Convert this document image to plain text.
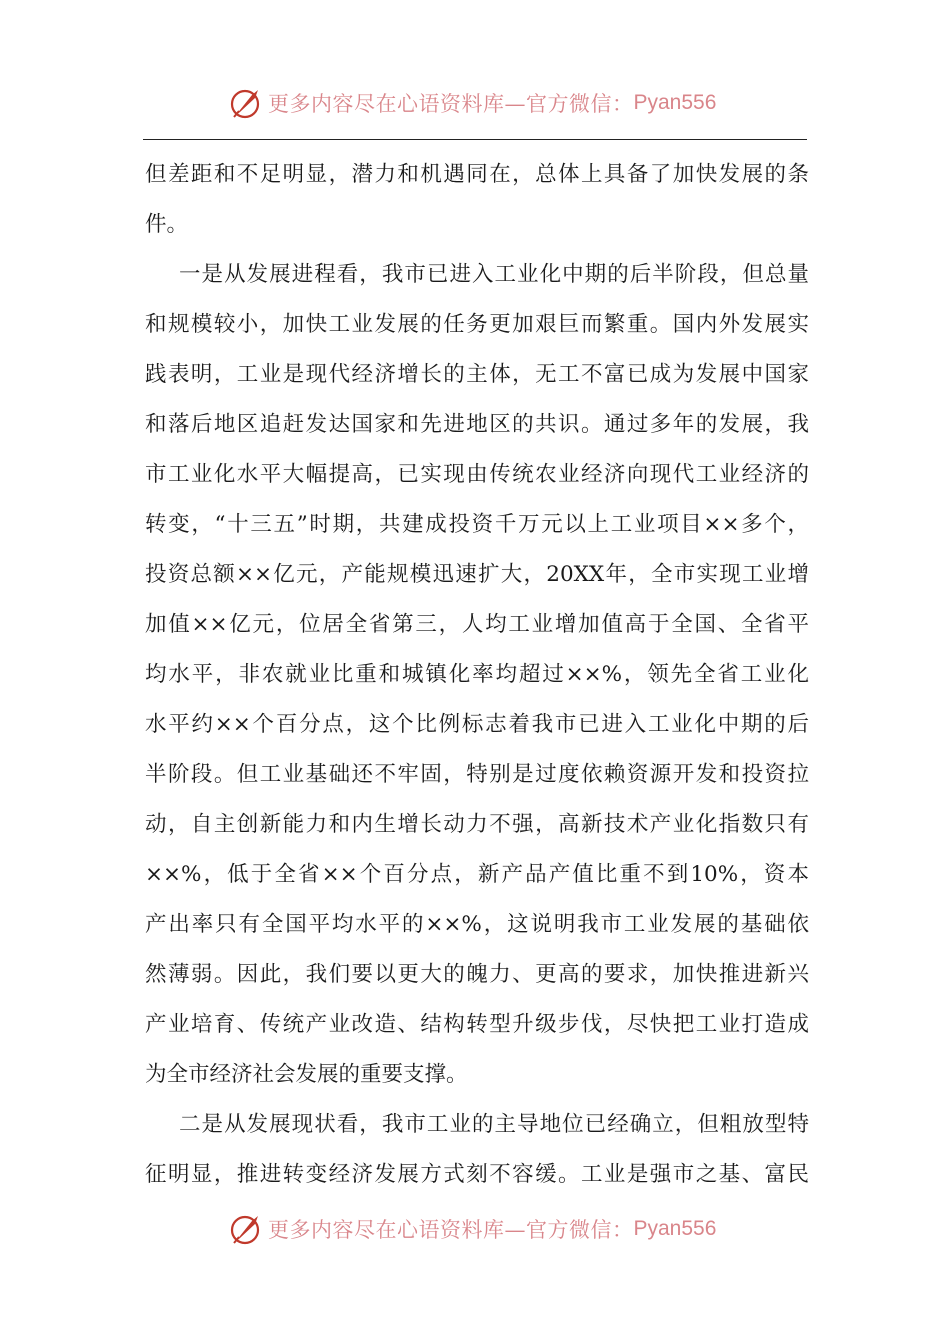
更多内容尽在心语资料库—官方微信： Pyan556
但差距和不足明显，潜力和机遇同在，总体上具备了加快发展的条
件。
一是从发展进程看，我市已进入工业化中期的后半阶段，但总量
和规模较小，加快工业发展的任务更加艰巨而繁重。国内外发展实
践表明，工业是现代经济增长的主体，无工不富已成为发展中国家
和落后地区追赶发达国家和先进地区的共识。通过多年的发展，我
市工业化水平大幅提高，已实现由传统农业经济向现代工业经济的
转变，“十三五”时期，共建成投资千万元以上工业项目××多个，
投资总额××亿元，产能规模迅速扩大，20XX年，全市实现工业增
加值××亿元，位居全省第三，人均工业增加值高于全国、全省平
均水平，非农就业比重和城镇化率均超过××%，领先全省工业化
水平约××个百分点，这个比例标志着我市已进入工业化中期的后
半阶段。但工业基础还不牢固，特别是过度依赖资源开发和投资拉
动，自主创新能力和内生增长动力不强，高新技术产业化指数只有
××%，低于全省××个百分点，新产品产值比重不到10%，资本
产出率只有全国平均水平的××%，这说明我市工业发展的基础依
然薄弱。因此，我们要以更大的魄力、更高的要求，加快推进新兴
产业培育、传统产业改造、结构转型升级步伐，尽快把工业打造成
为全市经济社会发展的重要支撑。
二是从发展现状看，我市工业的主导地位已经确立，但粗放型特
征明显，推进转变经济发展方式刻不容缓。工业是强市之基、富民
更多内容尽在心语资料库—官方微信： Pyan556
